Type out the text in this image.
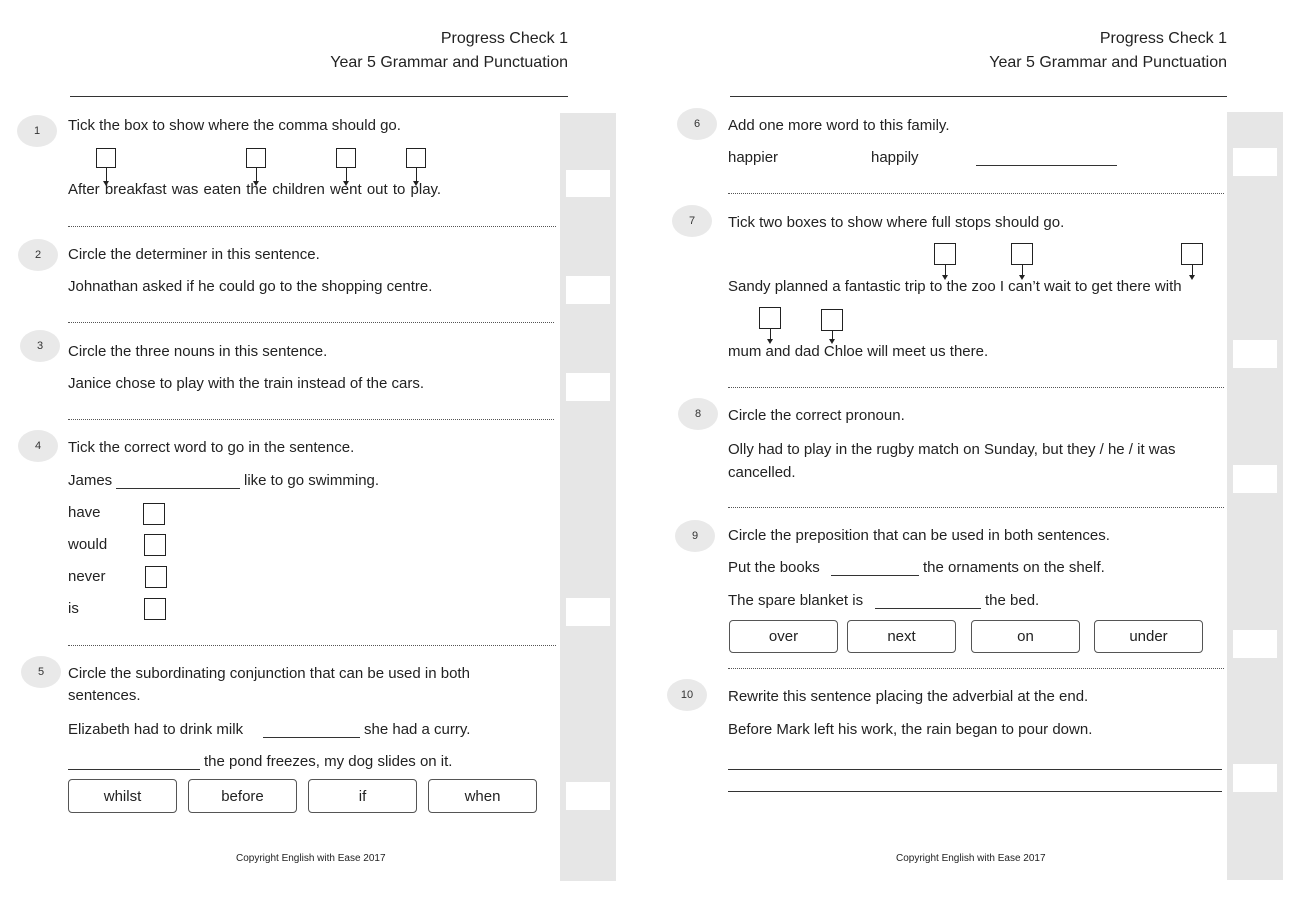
Progress Check 1
Year 5 Grammar and Punctuation
1	Tick the box to show where the comma should go.
After breakfast was eaten the children went out to play.
2	Circle the determiner in this sentence.
Johnathan asked if he could go to the shopping centre.
3	Circle the three nouns in this sentence.
Janice chose to play with the train instead of the cars.
4	Tick the correct word to go in the sentence.
James	like to go swimming.
have
would
never
is
5	Circle the subordinating conjunction that can be used in both sentences.
Elizabeth had to drink milk	she had a curry.
the pond freezes, my dog slides on it.
whilst	before	if	when
Copyright English with Ease 2017
Progress Check 1
Year 5 Grammar and Punctuation
6	Add one more word to this family.
happier	happily
7	Tick two boxes to show where full stops should go.
Sandy planned a fantastic trip to the zoo I can’t wait to get there with
mum and dad Chloe will meet us there.
8	Circle the correct pronoun.
Olly had to play in the rugby match on Sunday, but they / he / it was cancelled.
9	Circle the preposition that can be used in both sentences.
Put the books	the ornaments on the shelf.
The spare blanket is	the bed.
over	next	on	under
10	Rewrite this sentence placing the adverbial at the end.
Before Mark left his work, the rain began to pour down.
Copyright English with Ease 2017
